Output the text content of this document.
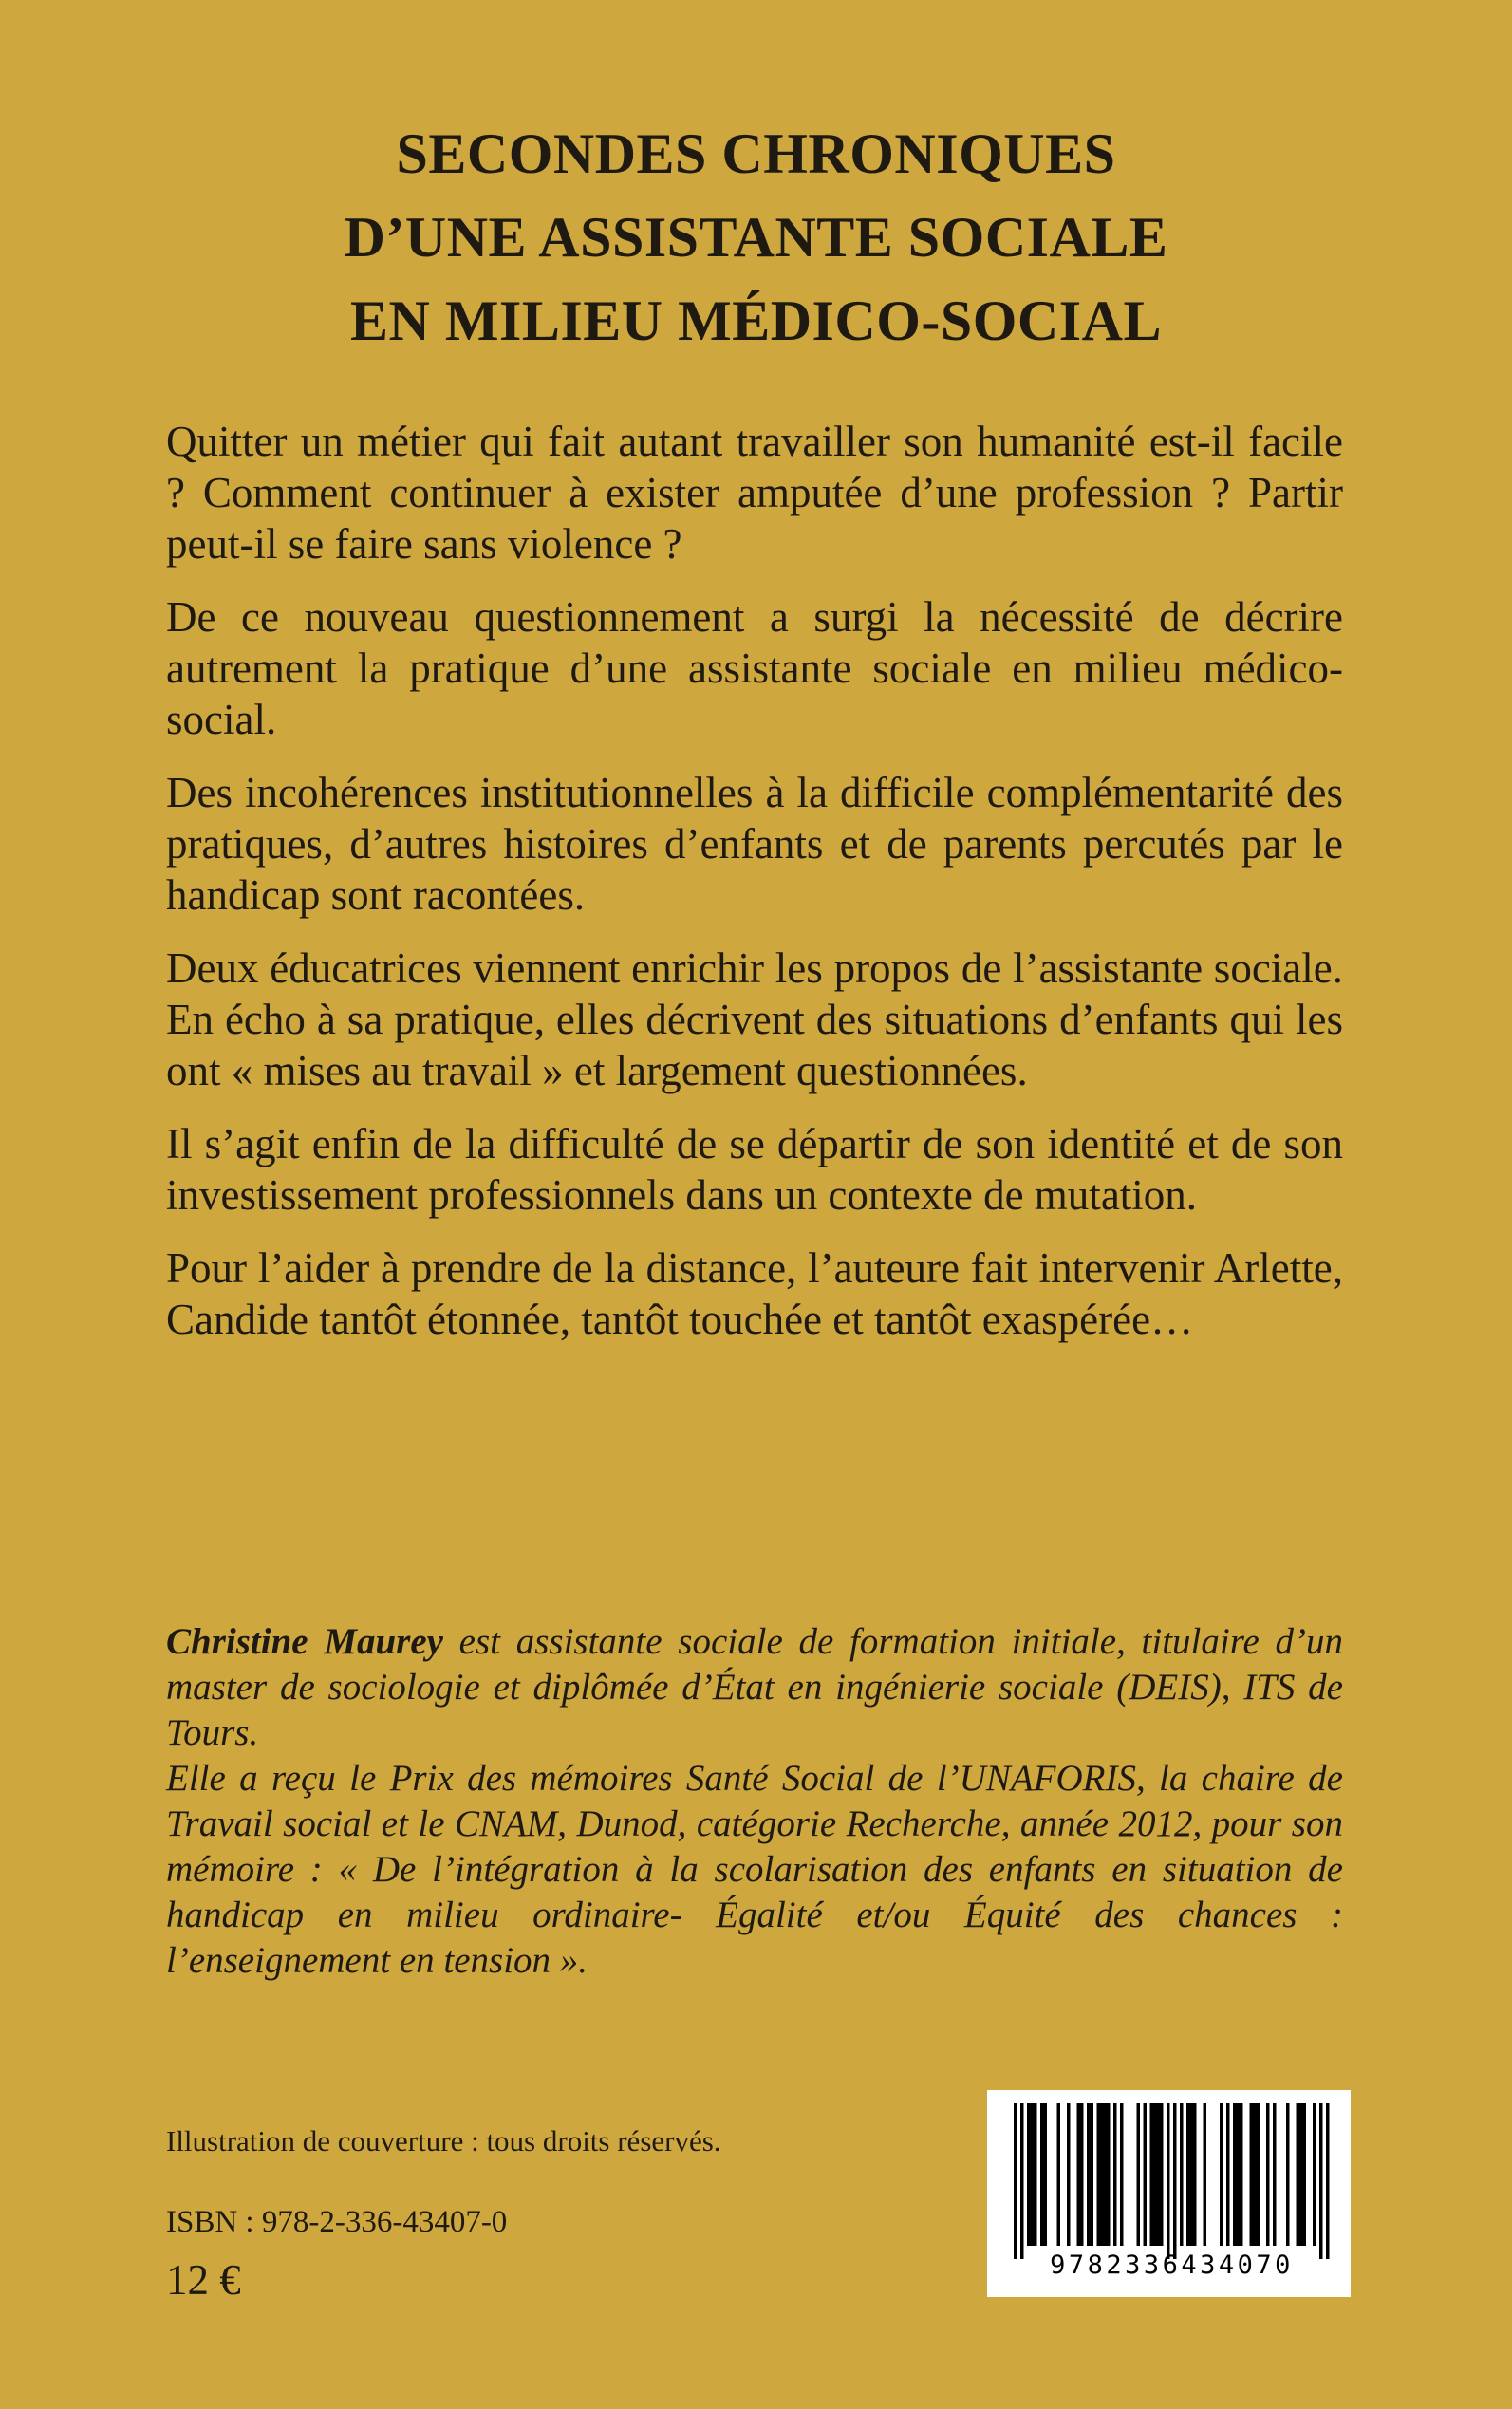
SECONDES CHRONIQUES
D’UNE ASSISTANTE SOCIALE
EN MILIEU MÉDICO-SOCIAL

Quitter un métier qui fait autant travailler son humanité est-il facile ? Comment continuer à exister amputée d’une profession ? Partir peut-il se faire sans violence ?

De ce nouveau questionnement a surgi la nécessité de décrire autrement la pratique d’une assistante sociale en milieu médico-social.

Des incohérences institutionnelles à la difficile complémentarité des pratiques, d’autres histoires d’enfants et de parents percutés par le handicap sont racontées.

Deux éducatrices viennent enrichir les propos de l’assistante sociale. En écho à sa pratique, elles décrivent des situations d’enfants qui les ont « mises au travail » et largement questionnées.

Il s’agit enfin de la difficulté de se départir de son identité et de son investissement professionnels dans un contexte de mutation.

Pour l’aider à prendre de la distance, l’auteure fait intervenir Arlette, Candide tantôt étonnée, tantôt touchée et tantôt exaspérée…

Christine Maurey est assistante sociale de formation initiale, titulaire d’un master de sociologie et diplômée d’État en ingénierie sociale (DEIS), ITS de Tours.

Elle a reçu le Prix des mémoires Santé Social de l’UNAFORIS, la chaire de Travail social et le CNAM, Dunod, catégorie Recherche, année 2012, pour son mémoire : « De l’intégration à la scolarisation des enfants en situation de handicap en milieu ordinaire- Égalité et/ou Équité des chances : l’enseignement en tension ».

Illustration de couverture : tous droits réservés.
ISBN : 978-2-336-43407-0
12 €	9782336434070
